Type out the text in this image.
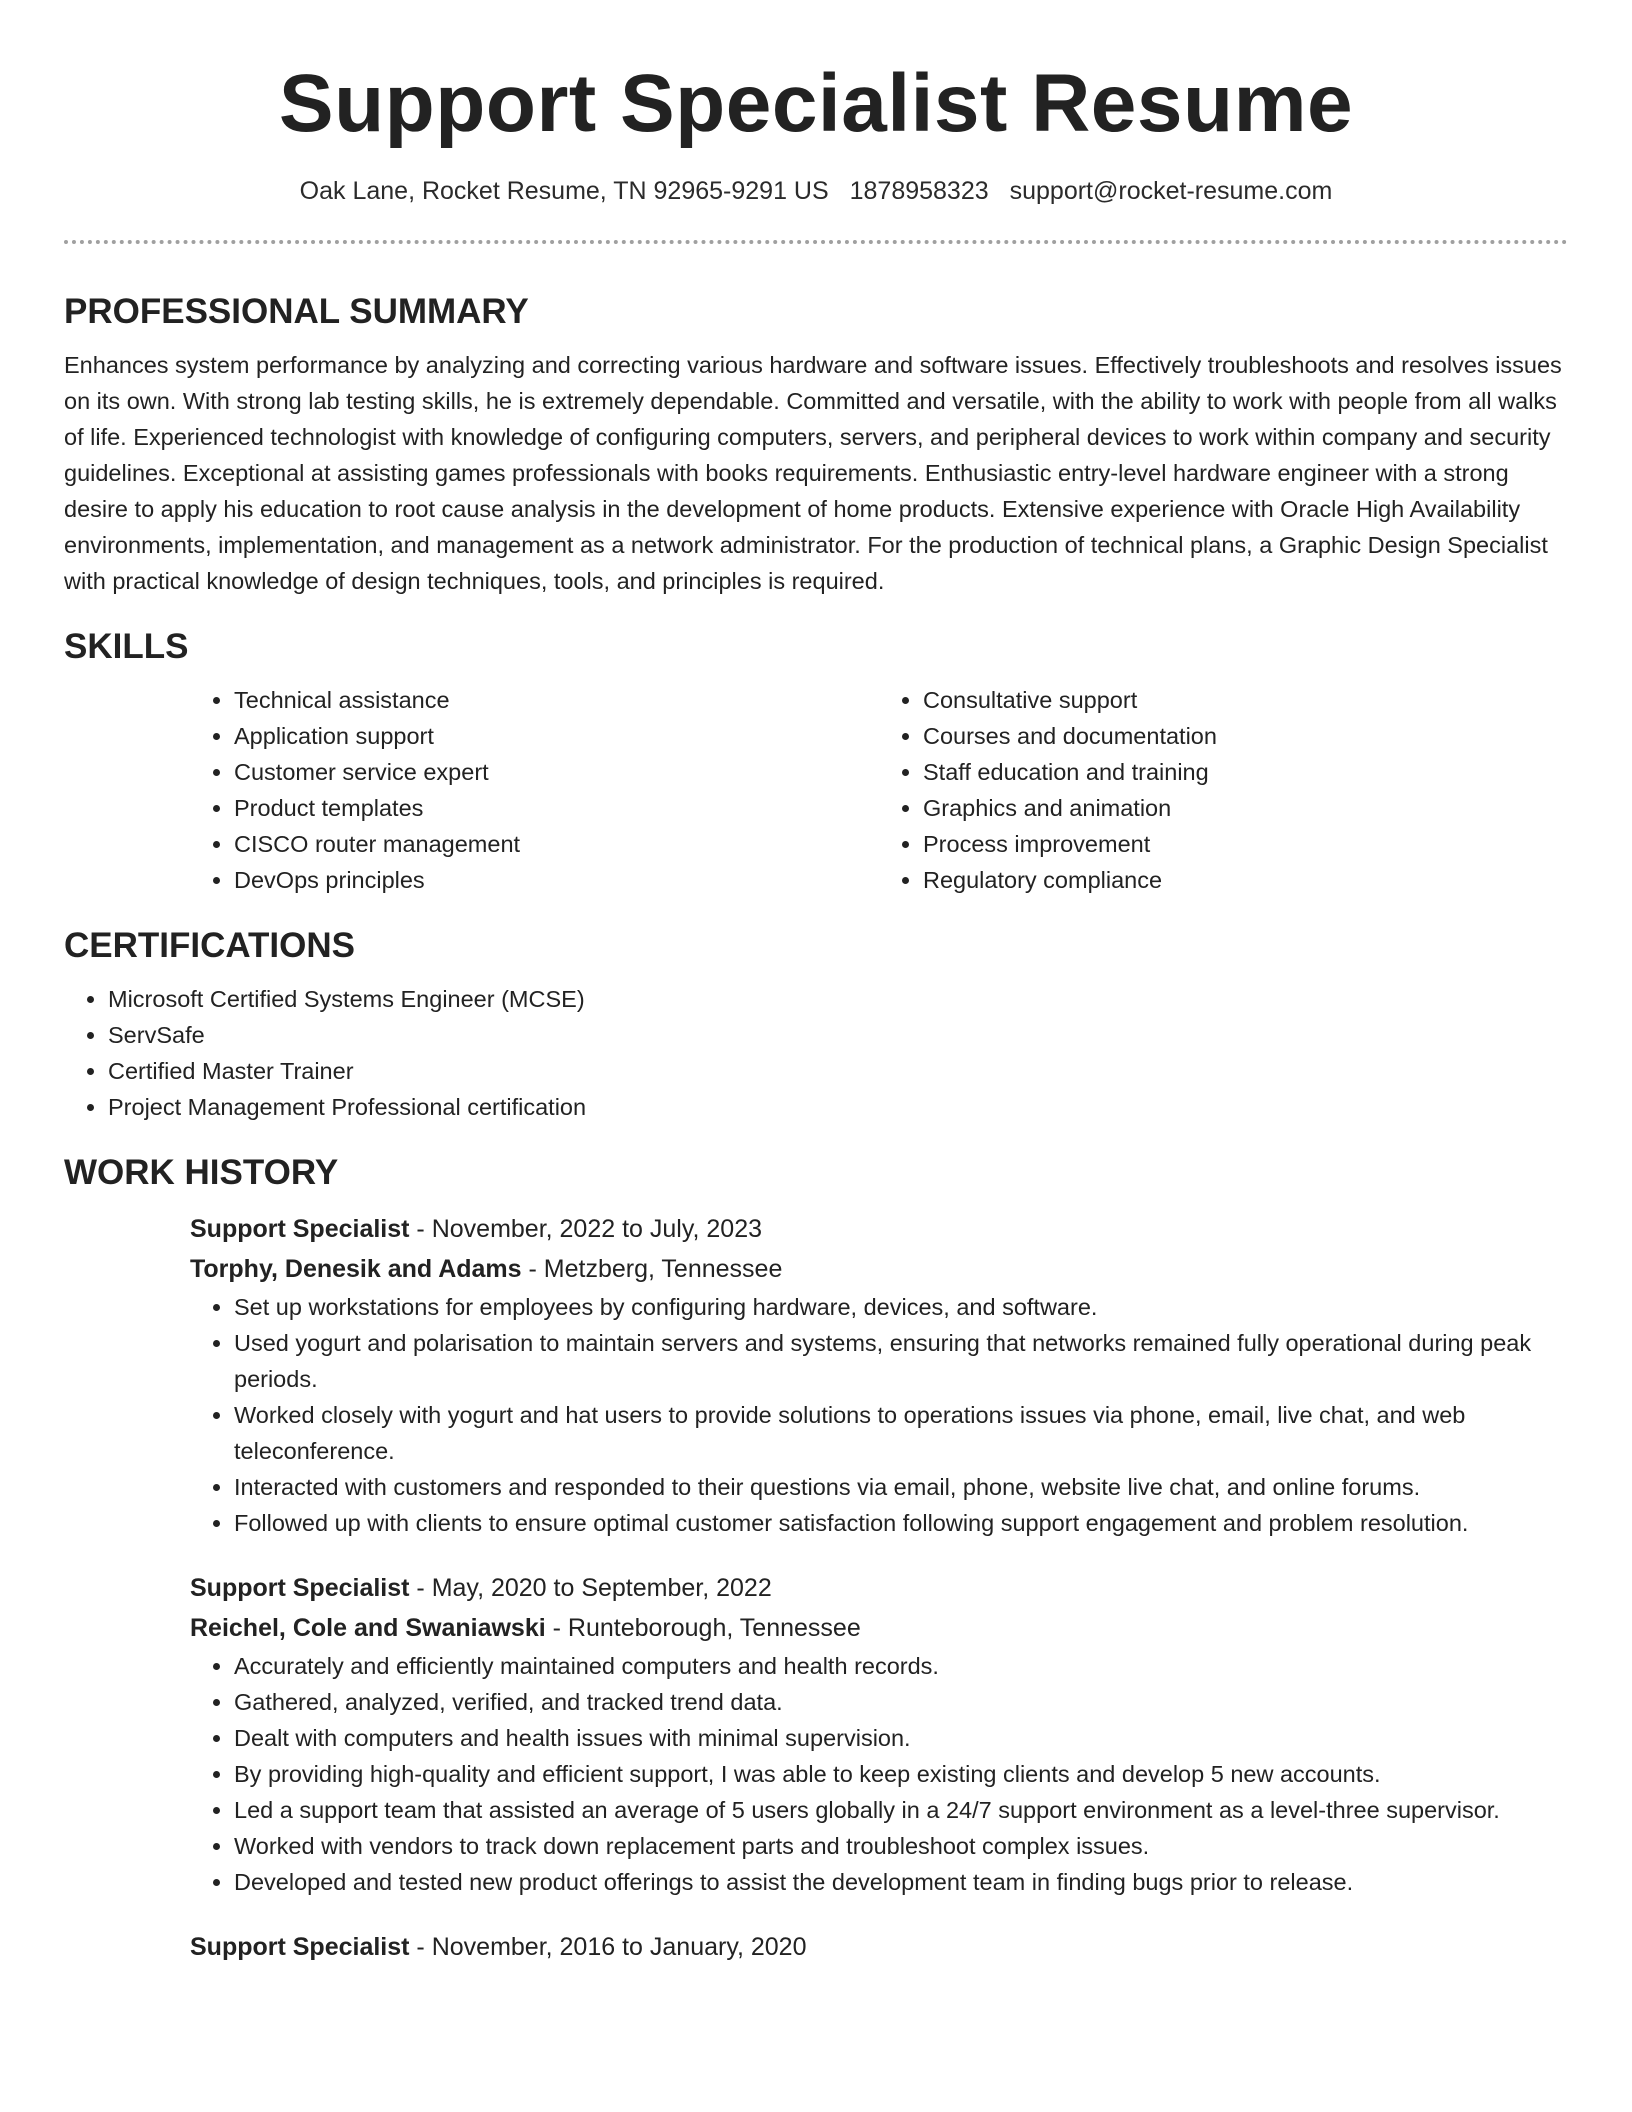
Support Specialist Resume
Oak Lane, Rocket Resume, TN 92965-9291 US 1878958323 support@rocket-resume.com
PROFESSIONAL SUMMARY

Enhances system performance by analyzing and correcting various hardware and software issues. Effectively troubleshoots and resolves issues on its own. With strong lab testing skills, he is extremely dependable. Committed and versatile, with the ability to work with people from all walks of life. Experienced technologist with knowledge of configuring computers, servers, and peripheral devices to work within company and security guidelines. Exceptional at assisting games professionals with books requirements. Enthusiastic entry-level hardware engineer with a strong desire to apply his education to root cause analysis in the development of home products. Extensive experience with Oracle High Availability environments, implementation, and management as a network administrator. For the production of technical plans, a Graphic Design Specialist with practical knowledge of design techniques, tools, and principles is required.

SKILLS
• Technical assistance
• Application support
• Customer service expert
• Product templates
• CISCO router management
• DevOps principles
• Consultative support
• Courses and documentation
• Staff education and training
• Graphics and animation
• Process improvement
• Regulatory compliance
CERTIFICATIONS
• Microsoft Certified Systems Engineer (MCSE)
• ServSafe
• Certified Master Trainer
• Project Management Professional certification
WORK HISTORY
Support Specialist - November, 2022 to July, 2023
Torphy, Denesik and Adams - Metzberg, Tennessee
• Set up workstations for employees by configuring hardware, devices, and software.
• Used yogurt and polarisation to maintain servers and systems, ensuring that networks remained fully operational during peak periods.
• Worked closely with yogurt and hat users to provide solutions to operations issues via phone, email, live chat, and web teleconference.
• Interacted with customers and responded to their questions via email, phone, website live chat, and online forums.
• Followed up with clients to ensure optimal customer satisfaction following support engagement and problem resolution.
Support Specialist - May, 2020 to September, 2022
Reichel, Cole and Swaniawski - Runteborough, Tennessee
• Accurately and efficiently maintained computers and health records.
• Gathered, analyzed, verified, and tracked trend data.
• Dealt with computers and health issues with minimal supervision.
• By providing high-quality and efficient support, I was able to keep existing clients and develop 5 new accounts.
• Led a support team that assisted an average of 5 users globally in a 24/7 support environment as a level-three supervisor.
• Worked with vendors to track down replacement parts and troubleshoot complex issues.
• Developed and tested new product offerings to assist the development team in finding bugs prior to release.
Support Specialist - November, 2016 to January, 2020
